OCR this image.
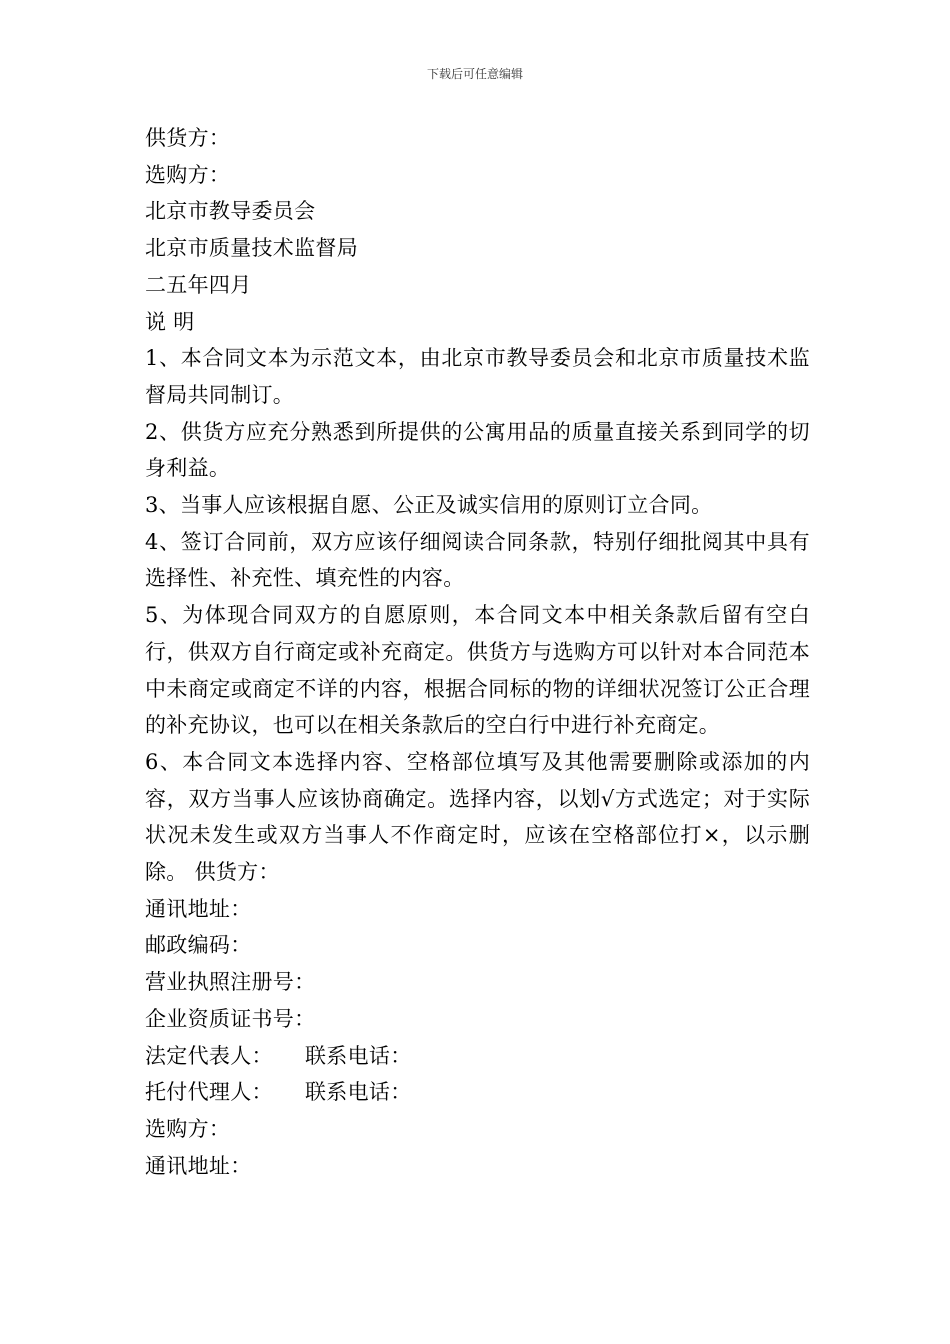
下载后可任意编辑
供货方：
选购方：
北京市教导委员会
北京市质量技术监督局
二五年四月
说 明
1、本合同文本为示范文本，由北京市教导委员会和北京市质量技术监督局共同制订。
2、供货方应充分熟悉到所提供的公寓用品的质量直接关系到同学的切身利益。
3、当事人应该根据自愿、公正及诚实信用的原则订立合同。
4、签订合同前，双方应该仔细阅读合同条款，特别仔细批阅其中具有选择性、补充性、填充性的内容。
5、为体现合同双方的自愿原则，本合同文本中相关条款后留有空白行，供双方自行商定或补充商定。供货方与选购方可以针对本合同范本中未商定或商定不详的内容，根据合同标的物的详细状况签订公正合理的补充协议，也可以在相关条款后的空白行中进行补充商定。
6、本合同文本选择内容、空格部位填写及其他需要删除或添加的内容，双方当事人应该协商确定。选择内容，以划√方式选定；对于实际状况未发生或双方当事人不作商定时，应该在空格部位打×，以示删除。 供货方：
通讯地址：
邮政编码：
营业执照注册号：
企业资质证书号：
法定代表人： 联系电话：
托付代理人： 联系电话：
选购方：
通讯地址：
